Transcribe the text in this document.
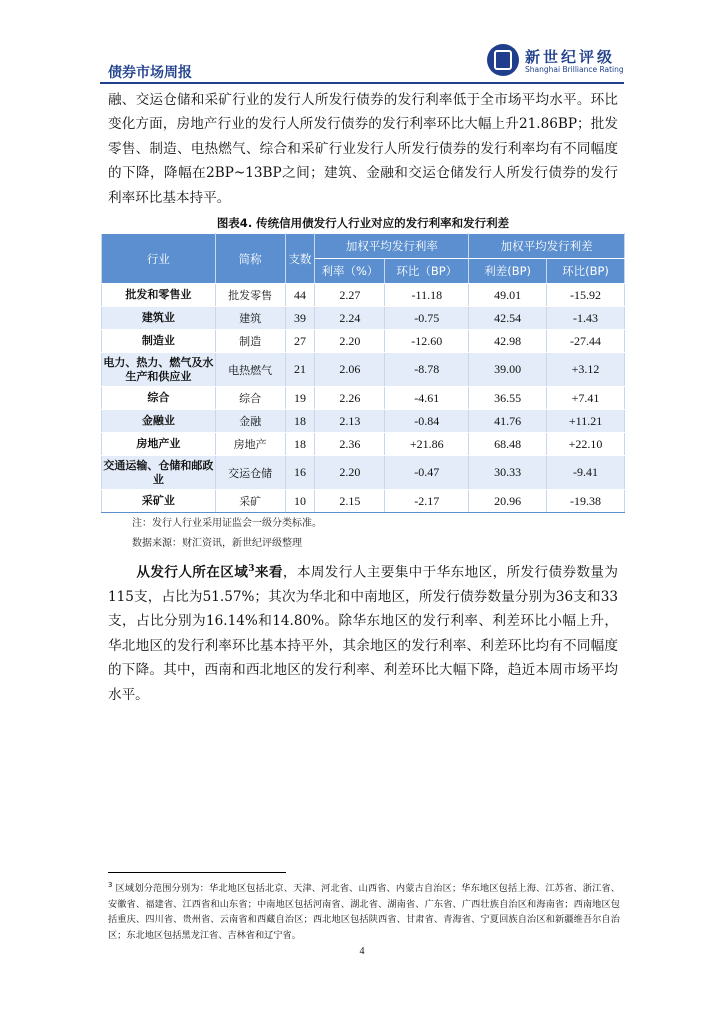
新世纪评级
Shanghai Brilliance Rating
债券市场周报
融、交运仓储和采矿行业的发行人所发行债券的发行利率低于全市场平均水平。环比变化方面，房地产行业的发行人所发行债券的发行利率环比大幅上升21.86BP；批发零售、制造、电热燃气、综合和采矿行业发行人所发行债券的发行利率均有不同幅度的下降，降幅在2BP~13BP之间；建筑、金融和交运仓储发行人所发行债券的发行利率环比基本持平。
图表4. 传统信用债发行人行业对应的发行利率和发行利差
行业	简称	支数	加权平均发行利率		加权平均发行利差	
			利率（%）	环比（BP）	利差(BP)	环比(BP)
批发和零售业	批发零售	44	2.27	-11.18	49.01	-15.92
建筑业	建筑	39	2.24	-0.75	42.54	-1.43
制造业	制造	27	2.20	-12.60	42.98	-27.44
电力、热力、燃气及水生产和供应业	电热燃气	21	2.06	-8.78	39.00	+3.12
综合	综合	19	2.26	-4.61	36.55	+7.41
金融业	金融	18	2.13	-0.84	41.76	+11.21
房地产业	房地产	18	2.36	+21.86	68.48	+22.10
交通运输、仓储和邮政业	交运仓储	16	2.20	-0.47	30.33	-9.41
采矿业	采矿	10	2.15	-2.17	20.96	-19.38
注：发行人行业采用证监会一级分类标准。
数据来源：财汇资讯，新世纪评级整理
从发行人所在区域$^3$来看，本周发行人主要集中于华东地区，所发行债券数量为115支，占比为51.57%；其次为华北和中南地区，所发行债券数量分别为36支和33支，占比分别为16.14%和14.80%。除华东地区的发行利率、利差环比小幅上升，华北地区的发行利率环比基本持平外，其余地区的发行利率、利差环比均有不同幅度的下降。其中，西南和西北地区的发行利率、利差环比大幅下降，趋近本周市场平均水平。
$^3$ 区域划分范围分别为：华北地区包括北京、天津、河北省、山西省、内蒙古自治区；华东地区包括上海、江苏省、浙江省、安徽省、福建省、江西省和山东省；中南地区包括河南省、湖北省、湖南省、广东省、广西壮族自治区和海南省；西南地区包括重庆、四川省、贵州省、云南省和西藏自治区；西北地区包括陕西省、甘肃省、青海省、宁夏回族自治区和新疆维吾尔自治区；东北地区包括黑龙江省、吉林省和辽宁省。
4
